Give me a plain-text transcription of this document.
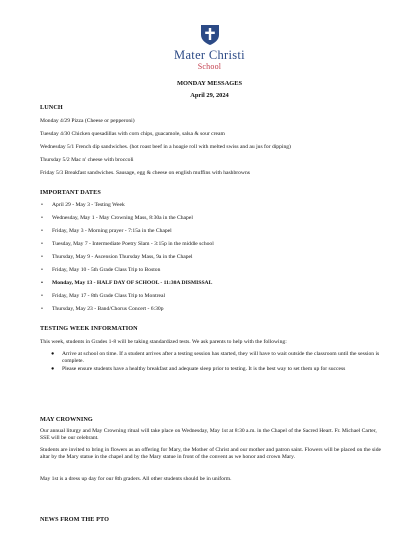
Mater Christi
School
MONDAY MESSAGES
April 29, 2024
LUNCH
Monday 4/29 Pizza (Cheese or pepperoni)
Tuesday 4/30 Chicken quesadillas with corn chips, guacamole, salsa & sour cream
Wednesday 5/1 French dip sandwiches. (hot roast beef in a hoagie roll with melted swiss and au jus for dipping)
Thursday 5/2 Mac n' cheese with broccoli
Friday 5/3 Breakfast sandwiches. Sausage, egg & cheese on english muffins with hashbrowns
IMPORTANT DATES
• April 29 - May 3 - Testing Week
• Wednesday, May 1 - May Crowning Mass, 8:30a in the Chapel
• Friday, May 3 - Morning prayer - 7:15a in the Chapel
• Tuesday, May 7 - Intermediate Poetry Slam - 3:15p in the middle school
• Thursday, May 9 - Ascension Thursday Mass, 9a in the Chapel
• Friday, May 10 - 5th Grade Class Trip to Boston
• Monday, May 13 - HALF DAY OF SCHOOL - 11:30A DISMISSAL
• Friday, May 17 - 8th Grade Class Trip to Montreal
• Thursday, May 23 - Band/Chorus Concert - 6:30p
TESTING WEEK INFORMATION
This week, students in Grades 1-8 will be taking standardized tests. We ask parents to help with the following:
● Arrive at school on time. If a student arrives after a testing session has started, they will have to wait outside the classroom until the session is complete.
● Please ensure students have a healthy breakfast and adequate sleep prior to testing. It is the best way to set them up for success
MAY CROWNING
Our annual liturgy and May Crowning ritual will take place on Wednesday, May 1st at 8:30 a.m. in the Chapel of the Sacred Heart. Fr. Michael Carter, SSE will be our celebrant.
Students are invited to bring in flowers as an offering for Mary, the Mother of Christ and our mother and patron saint. Flowers will be placed on the side altar by the Mary statue in the chapel and by the Mary statue in front of the convent as we honor and crown Mary.
May 1st is a dress up day for our 8th graders. All other students should be in uniform.
NEWS FROM THE PTO
